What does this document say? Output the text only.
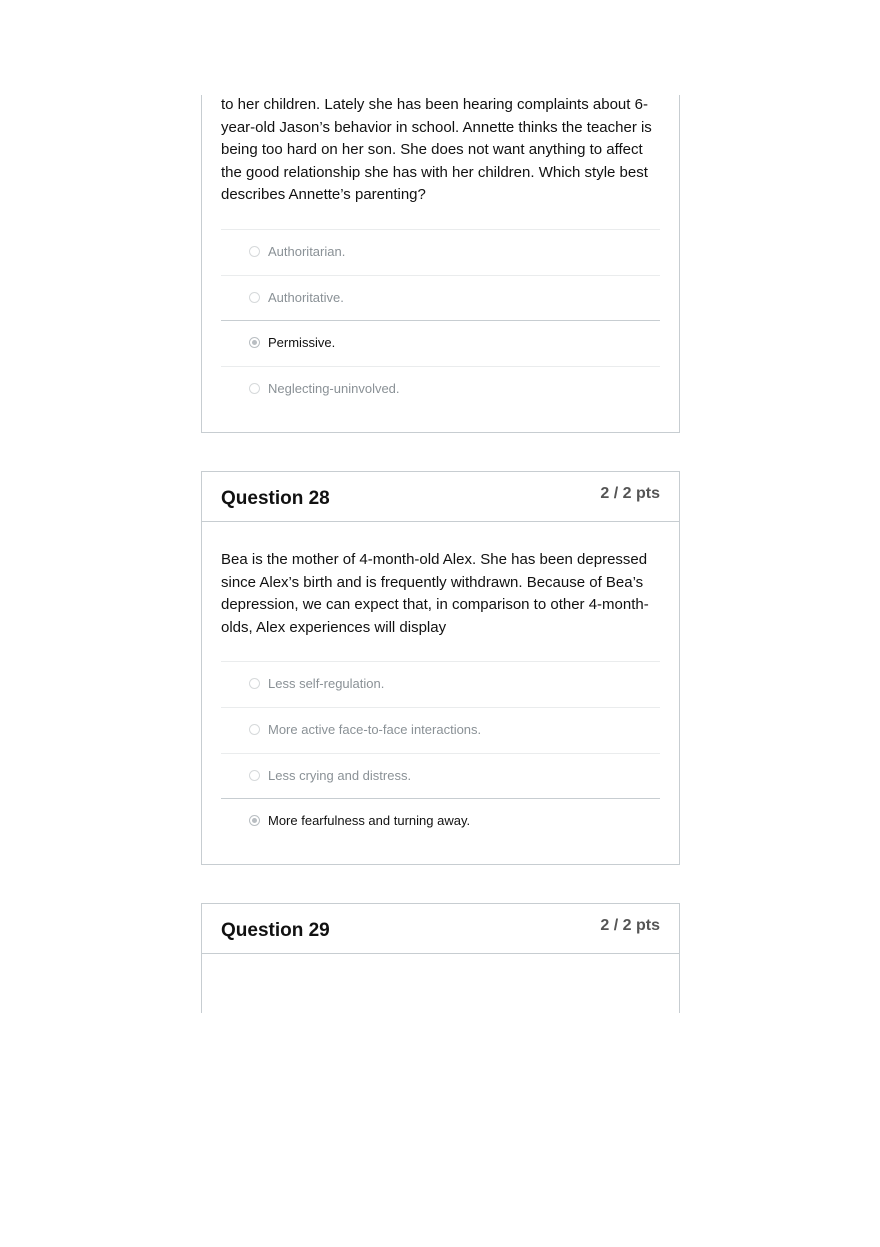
to her children. Lately she has been hearing complaints about 6-year-old Jason’s behavior in school. Annette thinks the teacher is being too hard on her son. She does not want anything to affect the good relationship she has with her children. Which style best describes Annette’s parenting?

Authoritarian.
Authoritative.
Permissive.
Neglecting-uninvolved.
Question 28	2 / 2 pts

Bea is the mother of 4-month-old Alex. She has been depressed since Alex’s birth and is frequently withdrawn. Because of Bea’s depression, we can expect that, in comparison to other 4-month-olds, Alex experiences will display

Less self-regulation.
More active face-to-face interactions.
Less crying and distress.
More fearfulness and turning away.
Question 29	2 / 2 pts
